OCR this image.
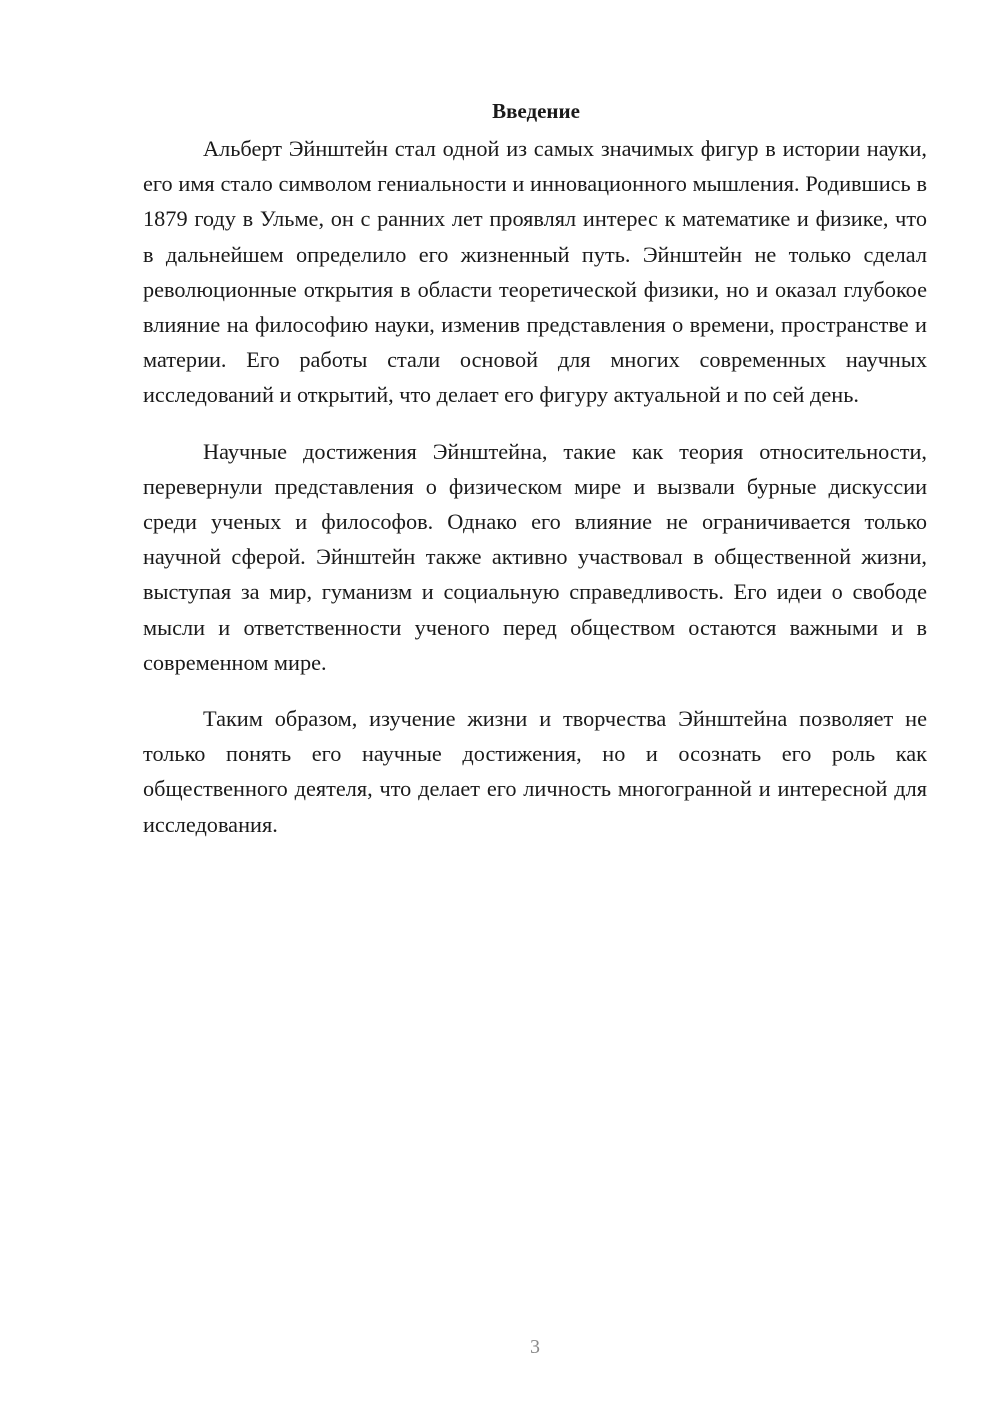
Введение

Альберт Эйнштейн стал одной из самых значимых фигур в истории науки, его имя стало символом гениальности и инновационного мышления. Родившись в 1879 году в Ульме, он с ранних лет проявлял интерес к математике и физике, что в дальнейшем определило его жизненный путь. Эйнштейн не только сделал революционные открытия в области теоретической физики, но и оказал глубокое влияние на философию науки, изменив представления о времени, пространстве и материи. Его работы стали основой для многих современных научных исследований и открытий, что делает его фигуру актуальной и по сей день.

Научные достижения Эйнштейна, такие как теория относительности, перевернули представления о физическом мире и вызвали бурные дискуссии среди ученых и философов. Однако его влияние не ограничивается только научной сферой. Эйнштейн также активно участвовал в общественной жизни, выступая за мир, гуманизм и социальную справедливость. Его идеи о свободе мысли и ответственности ученого перед обществом остаются важными и в современном мире.

Таким образом, изучение жизни и творчества Эйнштейна позволяет не только понять его научные достижения, но и осознать его роль как общественного деятеля, что делает его личность многогранной и интересной для исследования.

3
